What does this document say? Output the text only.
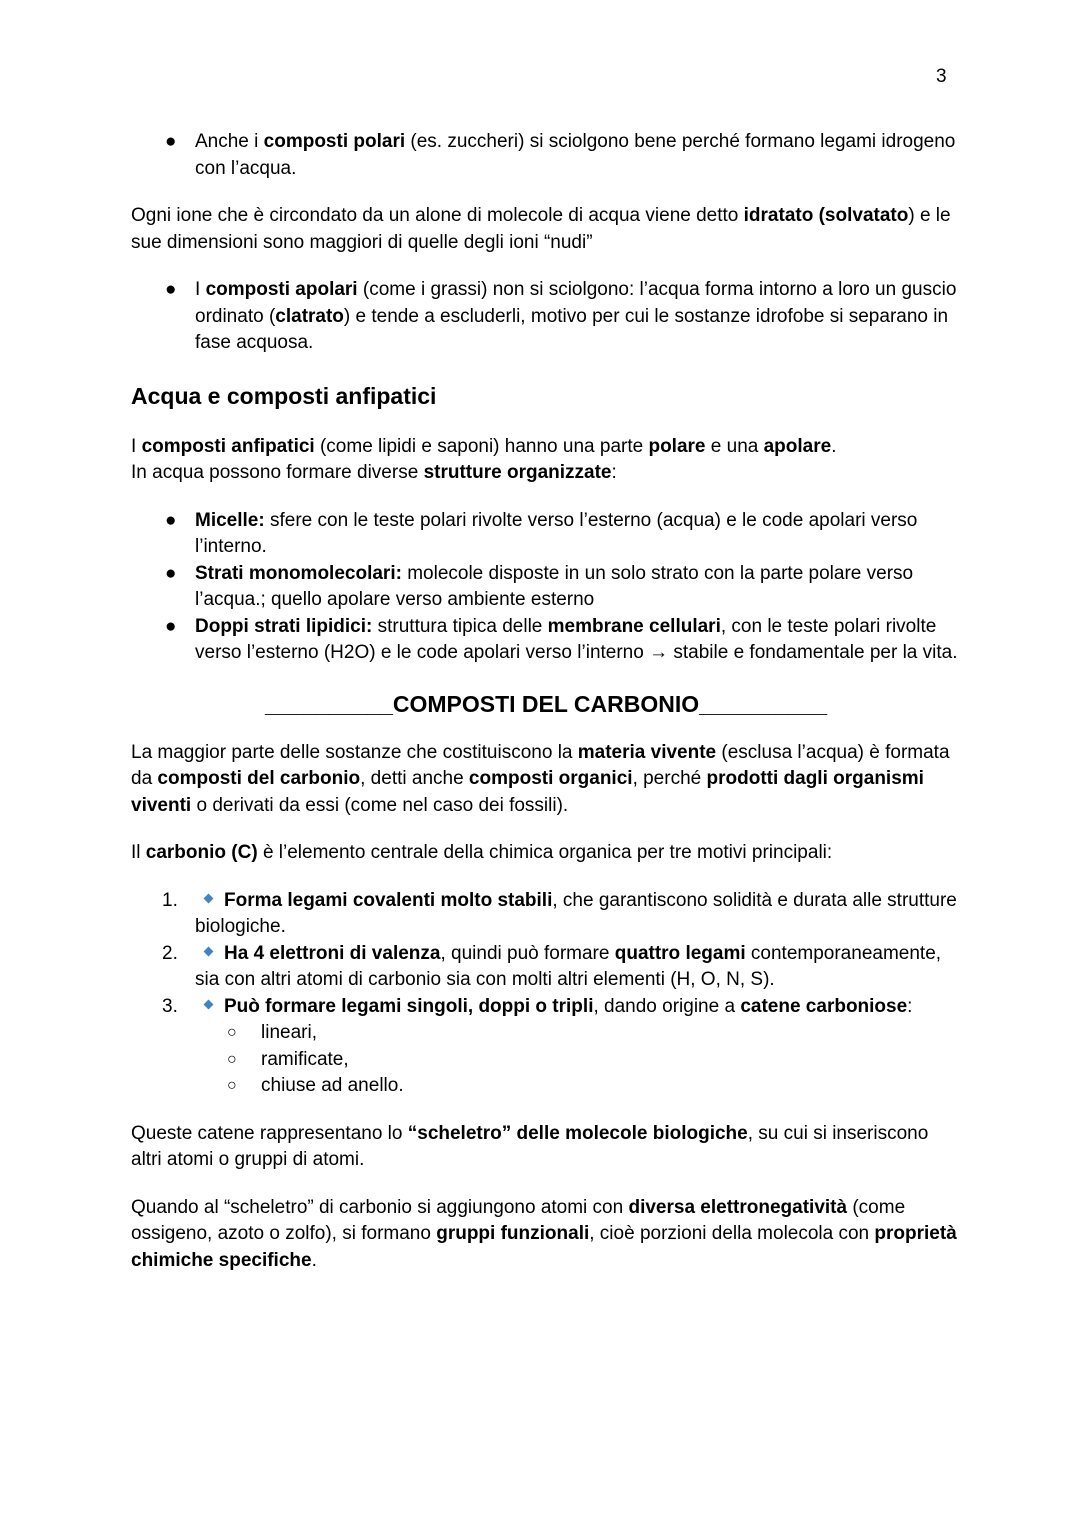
3
● Anche i composti polari (es. zuccheri) si sciolgono bene perché formano legami idrogeno con l’acqua.

Ogni ione che è circondato da un alone di molecole di acqua viene detto idratato (solvatato) e le sue dimensioni sono maggiori di quelle degli ioni “nudi”

● I composti apolari (come i grassi) non si sciolgono: l’acqua forma intorno a loro un guscio ordinato (clatrato) e tende a escluderli, motivo per cui le sostanze idrofobe si separano in fase acquosa.
Acqua e composti anfipatici

I composti anfipatici (come lipidi e saponi) hanno una parte polare e una apolare.
In acqua possono formare diverse strutture organizzate:

● Micelle: sfere con le teste polari rivolte verso l’esterno (acqua) e le code apolari verso l’interno.
● Strati monomolecolari: molecole disposte in un solo strato con la parte polare verso l’acqua.; quello apolare verso ambiente esterno
● Doppi strati lipidici: struttura tipica delle membrane cellulari, con le teste polari rivolte verso l’esterno (H2O) e le code apolari verso l’interno → stabile e fondamentale per la vita.
__________COMPOSTI DEL CARBONIO__________

La maggior parte delle sostanze che costituiscono la materia vivente (esclusa l’acqua) è formata da composti del carbonio, detti anche composti organici, perché prodotti dagli organismi viventi o derivati da essi (come nel caso dei fossili).

Il carbonio (C) è l’elemento centrale della chimica organica per tre motivi principali:

1. Forma legami covalenti molto stabili, che garantiscono solidità e durata alle strutture biologiche.
2. Ha 4 elettroni di valenza, quindi può formare quattro legami contemporaneamente, sia con altri atomi di carbonio sia con molti altri elementi (H, O, N, S).
3. Può formare legami singoli, doppi o tripli, dando origine a catene carboniose:
○ lineari,
○ ramificate,
○ chiuse ad anello.

Queste catene rappresentano lo “scheletro” delle molecole biologiche, su cui si inseriscono altri atomi o gruppi di atomi.

Quando al “scheletro” di carbonio si aggiungono atomi con diversa elettronegatività (come ossigeno, azoto o zolfo), si formano gruppi funzionali, cioè porzioni della molecola con proprietà chimiche specifiche.
